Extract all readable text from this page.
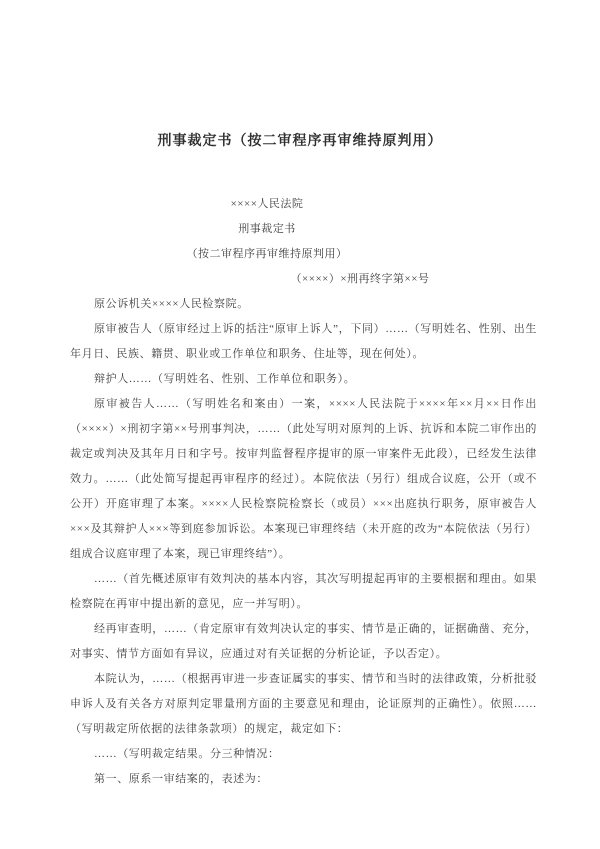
刑事裁定书（按二审程序再审维持原判用）

××××人民法院

刑事裁定书

（按二审程序再审维持原判用）

（××××）×刑再终字第××号

原公诉机关××××人民检察院。

原审被告人（原审经过上诉的括注“原审上诉人”，下同）……（写明姓名、性别、出生年月日、民族、籍贯、职业或工作单位和职务、住址等，现在何处）。

辩护人……（写明姓名、性别、工作单位和职务）。

原审被告人……（写明姓名和案由）一案，××××人民法院于××××年××月××日作出（××××）×刑初字第××号刑事判决，……（此处写明对原判的上诉、抗诉和本院二审作出的裁定或判决及其年月日和字号。按审判监督程序提审的原一审案件无此段），已经发生法律效力。……（此处简写提起再审程序的经过）。本院依法（另行）组成合议庭，公开（或不公开）开庭审理了本案。××××人民检察院检察长（或员）×××出庭执行职务，原审被告人×××及其辩护人×××等到庭参加诉讼。本案现已审理终结（未开庭的改为“本院依法（另行）组成合议庭审理了本案，现已审理终结”）。

……（首先概述原审有效判决的基本内容，其次写明提起再审的主要根据和理由。如果检察院在再审中提出新的意见，应一并写明）。

经再审查明，……（肯定原审有效判决认定的事实、情节是正确的，证据确凿、充分，对事实、情节方面如有异议，应通过对有关证据的分析论证，予以否定）。

本院认为，……（根据再审进一步查证属实的事实、情节和当时的法律政策，分析批驳申诉人及有关各方对原判定罪量刑方面的主要意见和理由，论证原判的正确性）。依照……（写明裁定所依据的法律条款项）的规定，裁定如下：

……（写明裁定结果。分三种情况：

第一、原系一审结案的，表述为：
